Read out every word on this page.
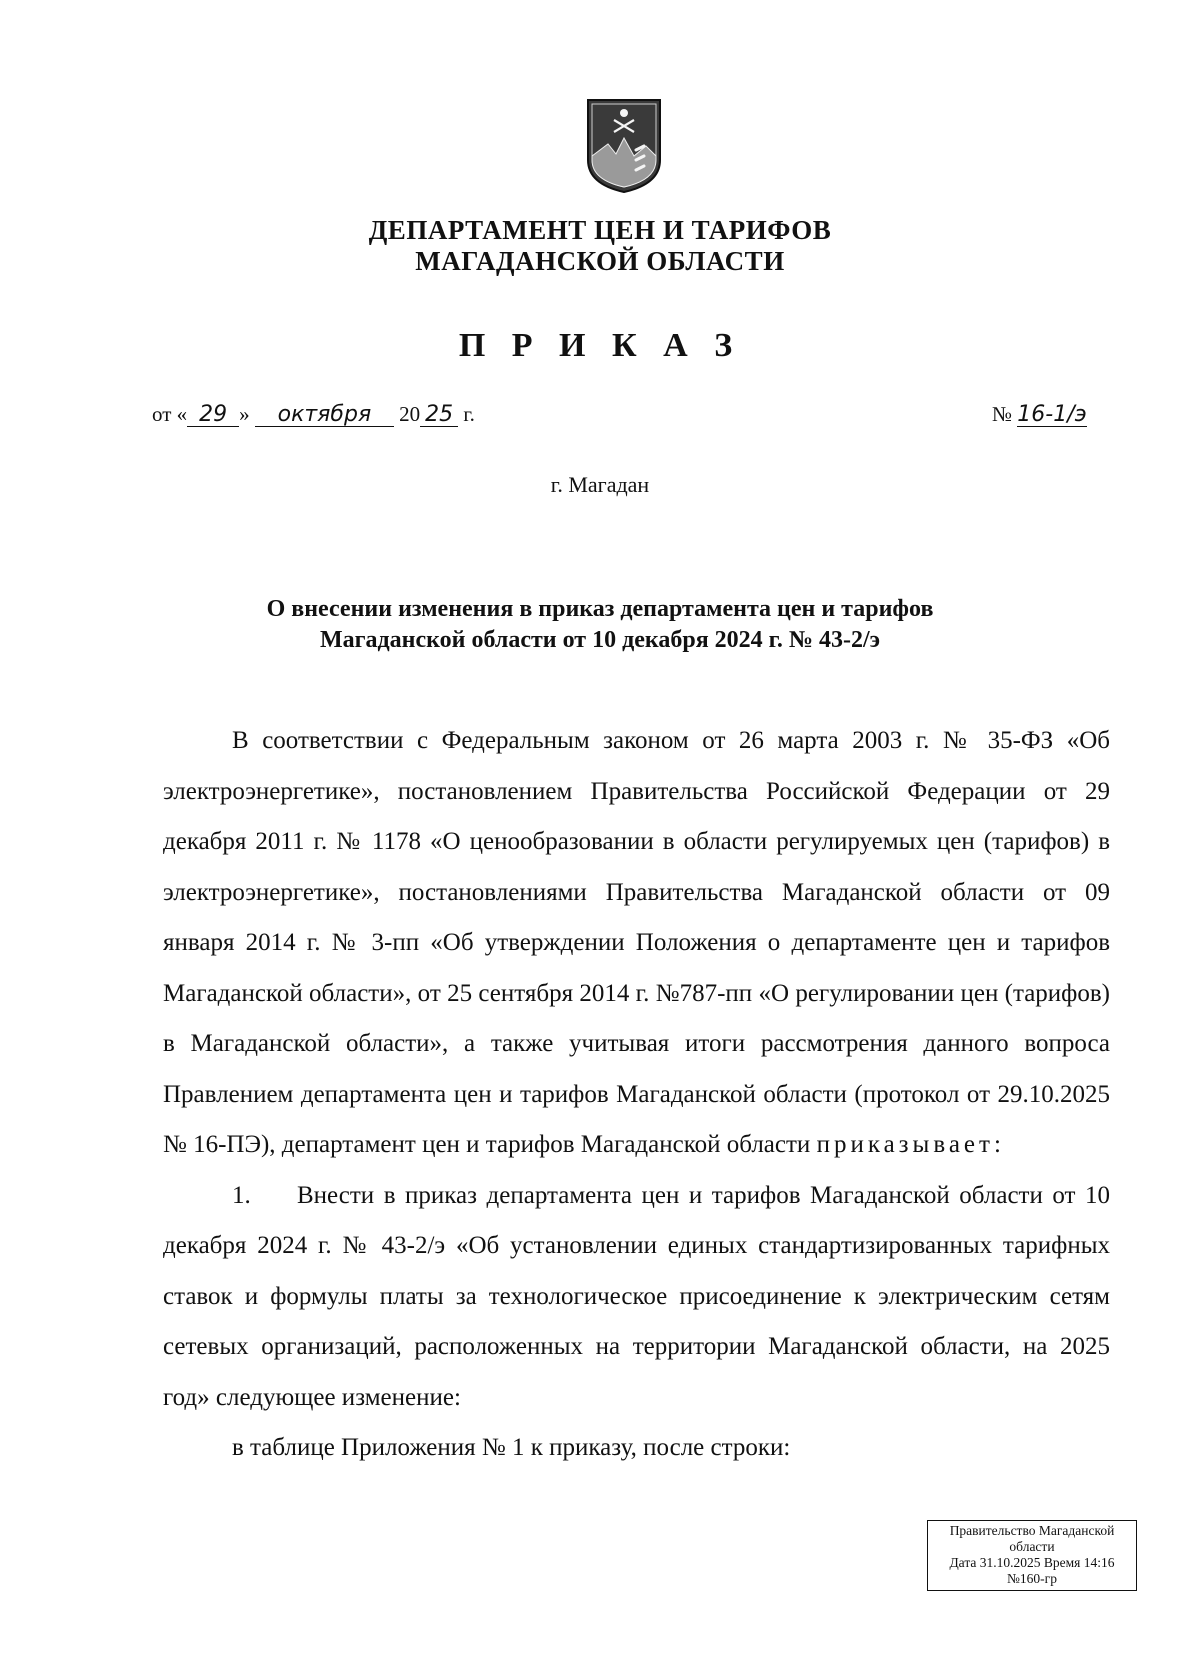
ДЕПАРТАМЕНТ ЦЕН И ТАРИФОВ
МАГАДАНСКОЙ ОБЛАСТИ
П Р И К А З
от « 29 » октября 20 25 г.	№ 16-1/э
г. Магадан
О внесении изменения в приказ департамента цен и тарифов
Магаданской области от 10 декабря 2024 г. № 43-2/э

В соответствии с Федеральным законом от 26 марта 2003 г. № 35-ФЗ «Об электроэнергетике», постановлением Правительства Российской Федерации от 29 декабря 2011 г. № 1178 «О ценообразовании в области регулируемых цен (тарифов) в электроэнергетике», постановлениями Правительства Магаданской области от 09 января 2014 г. № 3-пп «Об утверждении Положения о департаменте цен и тарифов Магаданской области», от 25 сентября 2014 г. №787-пп «О регулировании цен (тарифов) в Магаданской области», а также учитывая итоги рассмотрения данного вопроса Правлением департамента цен и тарифов Магаданской области (протокол от 29.10.2025 № 16-ПЭ), департамент цен и тарифов Магаданской области приказывает:

1. Внести в приказ департамента цен и тарифов Магаданской области от 10 декабря 2024 г. № 43-2/э «Об установлении единых стандартизированных тарифных ставок и формулы платы за технологическое присоединение к электрическим сетям сетевых организаций, расположенных на территории Магаданской области, на 2025 год» следующее изменение:

в таблице Приложения № 1 к приказу, после строки:

Правительство Магаданской
области
Дата 31.10.2025 Время 14:16
№160-гр
